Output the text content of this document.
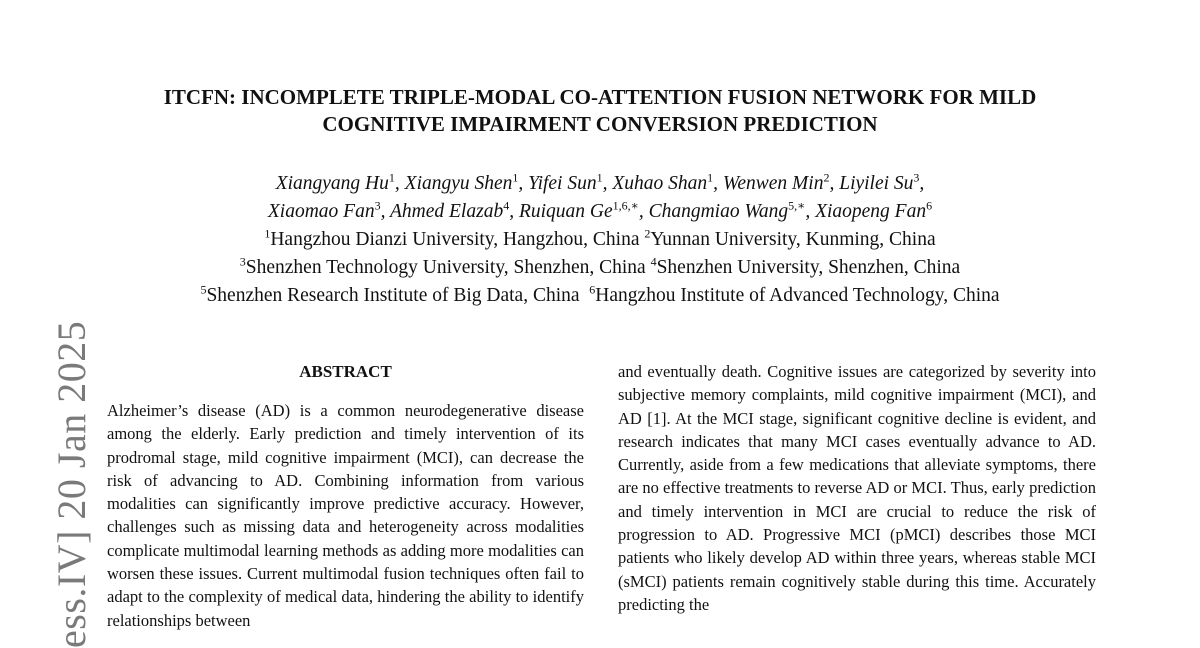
ITCFN: INCOMPLETE TRIPLE-MODAL CO-ATTENTION FUSION NETWORK FOR MILD
COGNITIVE IMPAIRMENT CONVERSION PREDICTION
Xiangyang Hu$^1$, Xiangyu Shen$^1$, Yifei Sun$^1$, Xuhao Shan$^1$, Wenwen Min$^2$, Liyilei Su$^3$,
Xiaomao Fan$^3$, Ahmed Elazab$^4$, Ruiquan $Ge^{1,6,∗}$, Changmiao Wang$^{5,∗}$, Xiaopeng Fan$^6$
$^1$Hangzhou Dianzi University, Hangzhou, China $^2$Yunnan University, Kunming, China
$^3$Shenzhen Technology University, Shenzhen, China $^4$Shenzhen University, Shenzhen, China
$^5$Shenzhen Research Institute of Big Data, China $^6$Hangzhou Institute of Advanced Technology, China
ess.IV] 20 Jan 2025	ABSTRACT
Alzheimer’s disease (AD) is a common neurodegenerative disease among the elderly. Early prediction and timely intervention of its prodromal stage, mild cognitive impairment (MCI), can decrease the risk of advancing to AD. Combining information from various modalities can significantly improve predictive accuracy. However, challenges such as missing data and heterogeneity across modalities complicate multimodal learning methods as adding more modalities can worsen these issues. Current multimodal fusion techniques often fail to adapt to the complexity of medical data, hindering the ability to identify relationships between
and eventually death. Cognitive issues are categorized by severity into subjective memory complaints, mild cognitive impairment (MCI), and AD [1]. At the MCI stage, significant cognitive decline is evident, and research indicates that many MCI cases eventually advance to AD. Currently, aside from a few medications that alleviate symptoms, there are no effective treatments to reverse AD or MCI. Thus, early prediction and timely intervention in MCI are crucial to reduce the risk of progression to AD. Progressive MCI (pMCI) describes those MCI patients who likely develop AD within three years, whereas stable MCI (sMCI) patients remain cognitively stable during this time. Accurately predicting the
